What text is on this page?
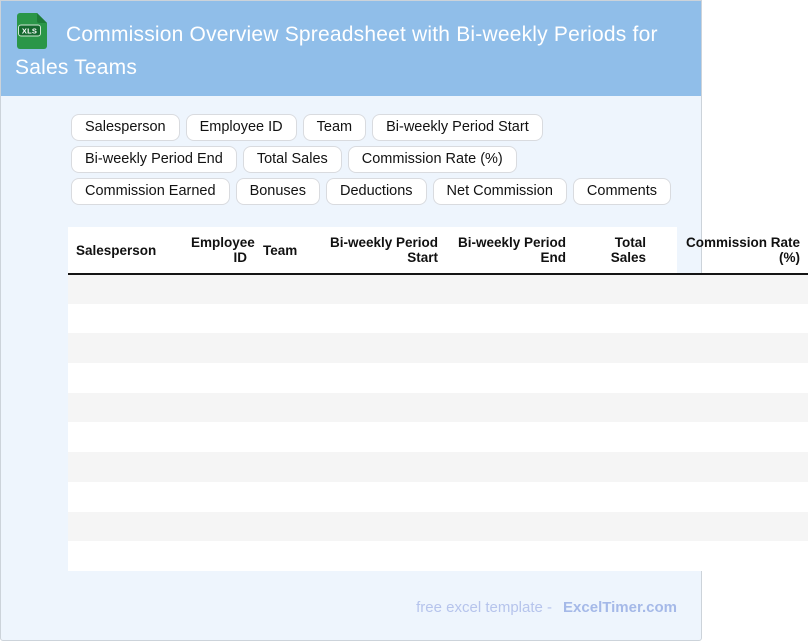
XLS Commission Overview Spreadsheet with Bi-weekly Periods for Sales Teams
Salesperson	Employee ID	Team	Bi-weekly Period Start
Bi-weekly Period End	Total Sales	Commission Rate (%)
Commission Earned	Bonuses	Deductions	Net Commission	Comments
Salesperson	Employee ID	Team	Bi-weekly Period Start	Bi-weekly Period End	Total Sales	Commission Rate (%)

free excel template - ExcelTimer.com
